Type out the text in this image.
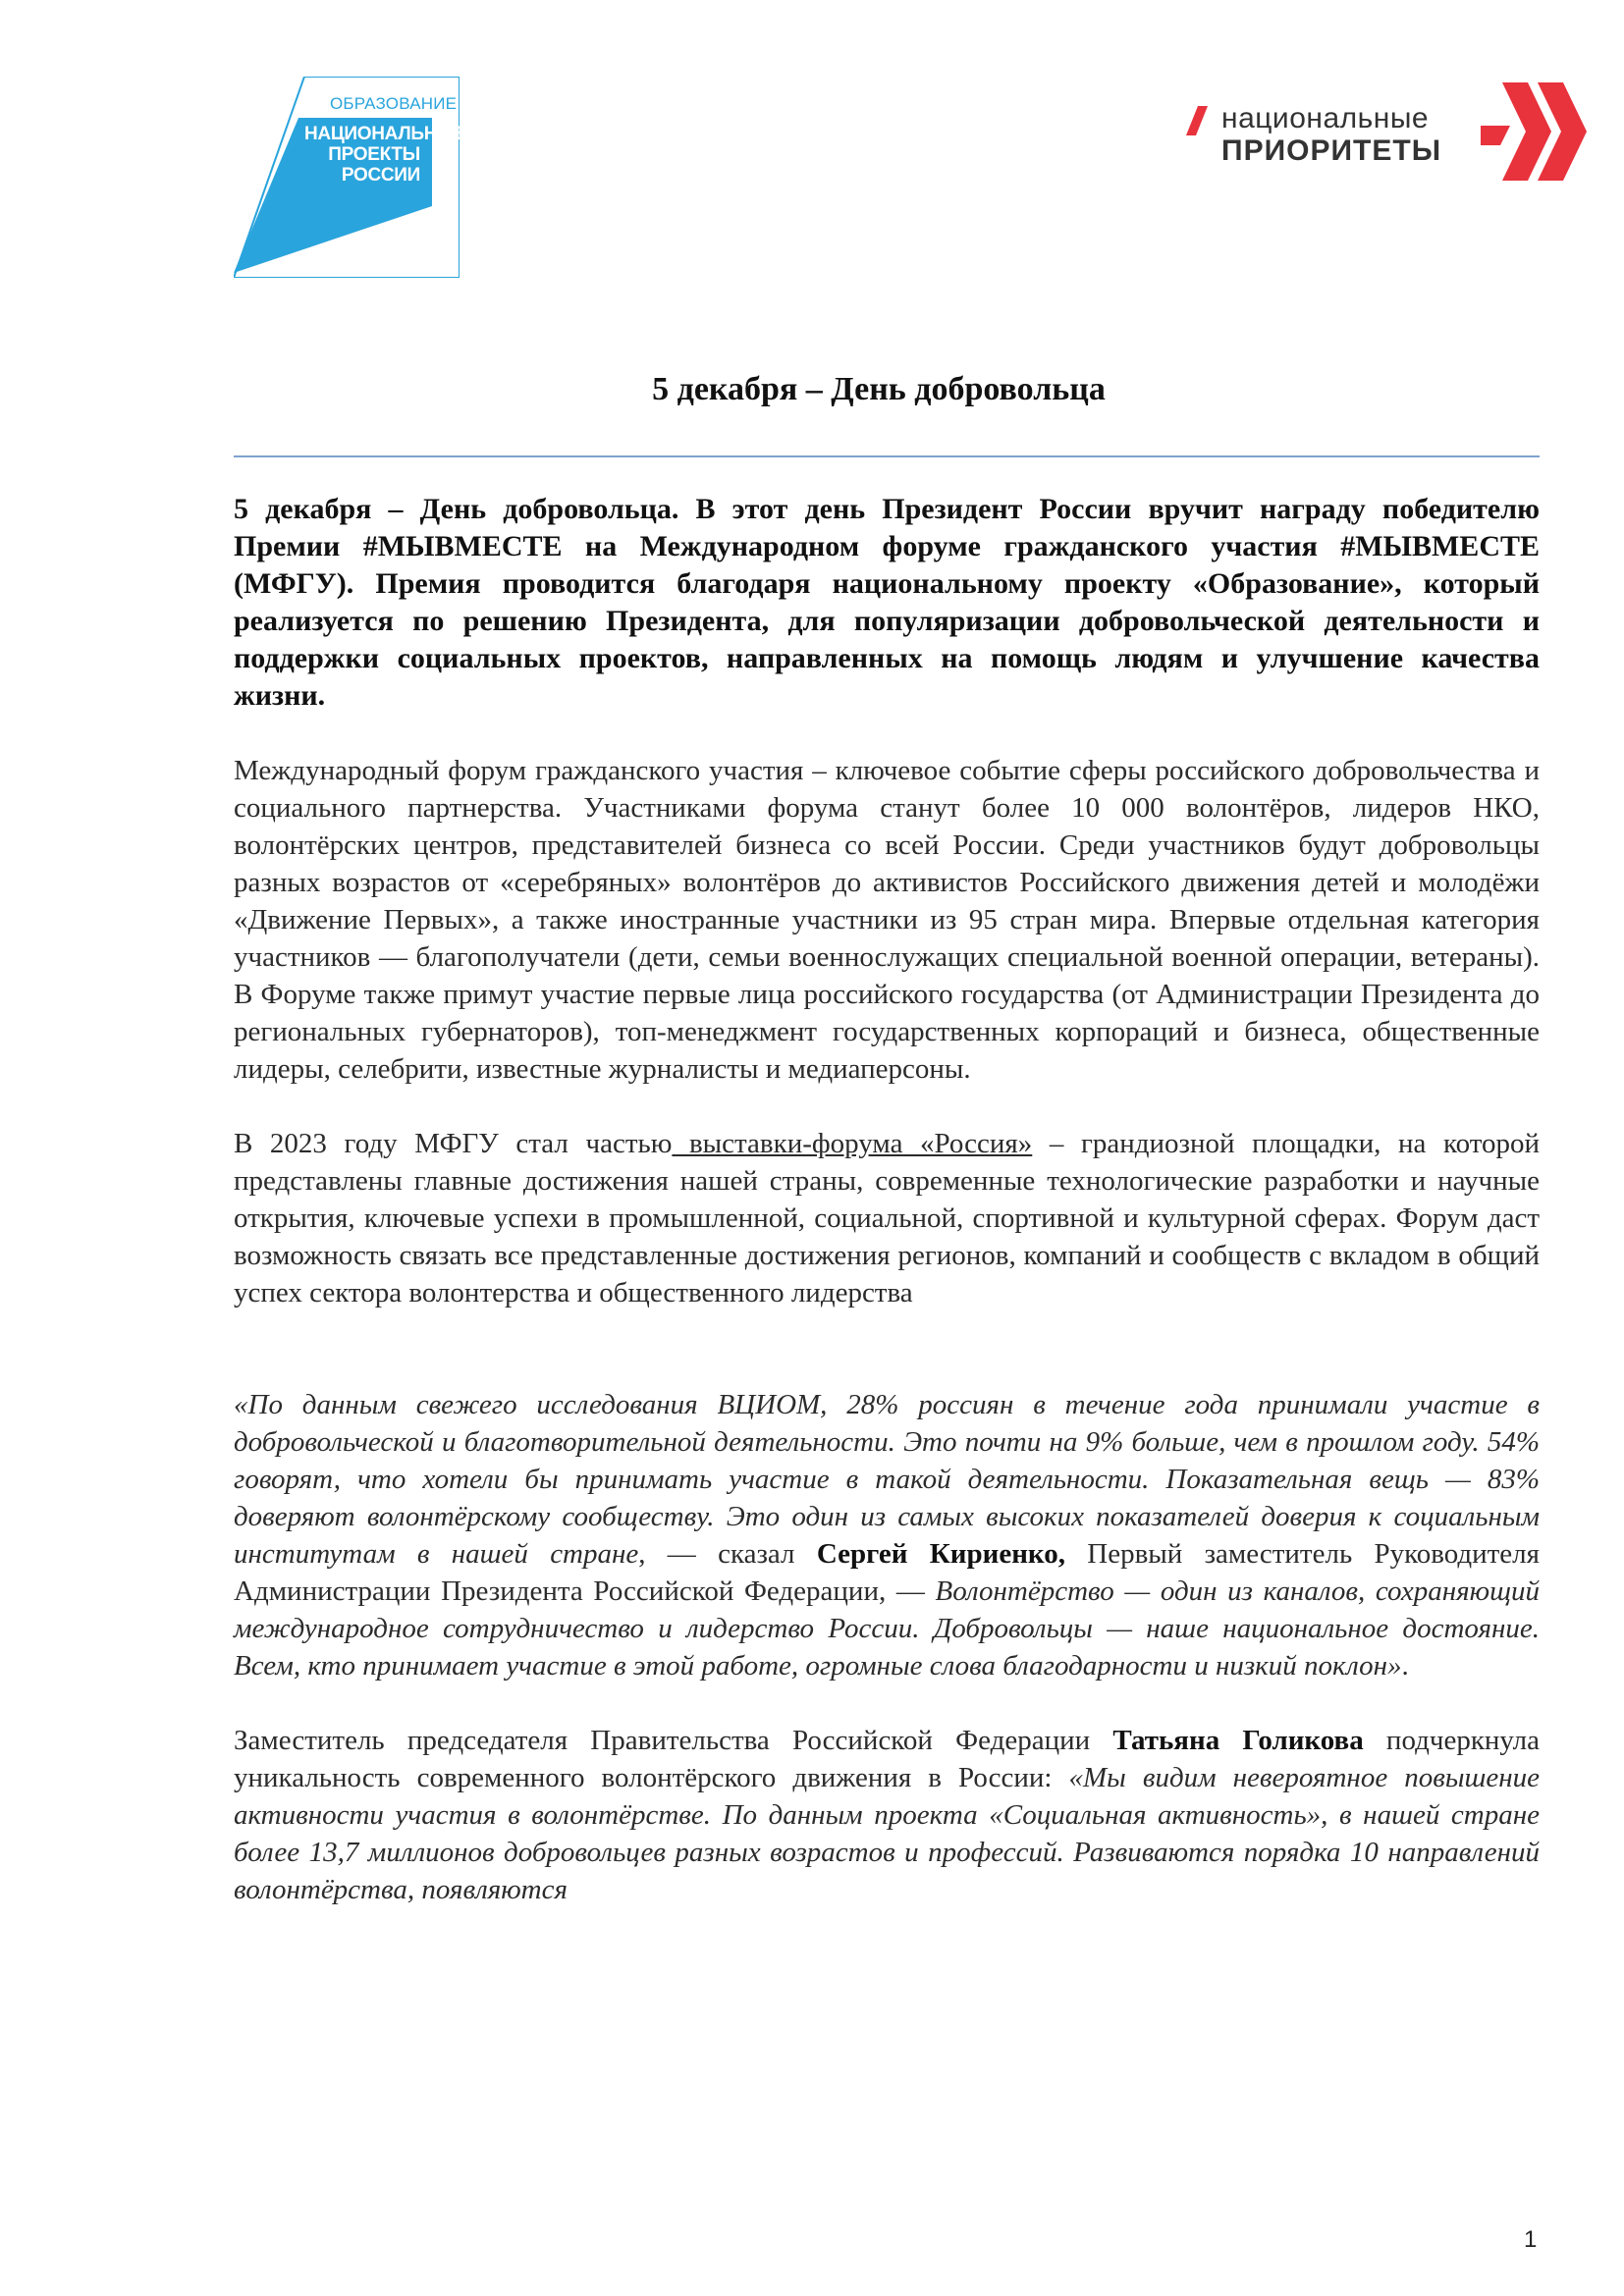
ОБРАЗОВАНИЕ
НАЦИОНАЛЬНЫЕ
ПРОЕКТЫ
РОССИИ
национальные
ПРИОРИТЕТЫ
5 декабря – День добровольца

5 декабря – День добровольца. В этот день Президент России вручит награду победителю Премии #МЫВМЕСТЕ на Международном форуме гражданского участия #МЫВМЕСТЕ (МФГУ). Премия проводится благодаря национальному проекту «Образование», который реализуется по решению Президента, для популяризации добровольческой деятельности и поддержки социальных проектов, направленных на помощь людям и улучшение качества жизни.

Международный форум гражданского участия – ключевое событие сферы российского добровольчества и социального партнерства. Участниками форума станут более 10 000 волонтёров, лидеров НКО, волонтёрских центров, представителей бизнеса со всей России. Среди участников будут добровольцы разных возрастов от «серебряных» волонтёров до активистов Российского движения детей и молодёжи «Движение Первых», а также иностранные участники из 95 стран мира. Впервые отдельная категория участников — благополучатели (дети, семьи военнослужащих специальной военной операции, ветераны). В Форуме также примут участие первые лица российского государства (от Администрации Президента до региональных губернаторов), топ-менеджмент государственных корпораций и бизнеса, общественные лидеры, селебрити, известные журналисты и медиаперсоны.

В 2023 году МФГУ стал частью выставки-форума «Россия» – грандиозной площадки, на которой представлены главные достижения нашей страны, современные технологические разработки и научные открытия, ключевые успехи в промышленной, социальной, спортивной и культурной сферах. Форум даст возможность связать все представленные достижения регионов, компаний и сообществ с вкладом в общий успех сектора волонтерства и общественного лидерства

«По данным свежего исследования ВЦИОМ, 28% россиян в течение года принимали участие в добровольческой и благотворительной деятельности. Это почти на 9% больше, чем в прошлом году. 54% говорят, что хотели бы принимать участие в такой деятельности. Показательная вещь — 83% доверяют волонтёрскому сообществу. Это один из самых высоких показателей доверия к социальным институтам в нашей стране, — сказал Сергей Кириенко, Первый заместитель Руководителя Администрации Президента Российской Федерации, — Волонтёрство — один из каналов, сохраняющий международное сотрудничество и лидерство России. Добровольцы — наше национальное достояние. Всем, кто принимает участие в этой работе, огромные слова благодарности и низкий поклон».

Заместитель председателя Правительства Российской Федерации Татьяна Голикова подчеркнула уникальность современного волонтёрского движения в России: «Мы видим невероятное повышение активности участия в волонтёрстве. По данным проекта «Социальная активность», в нашей стране более 13,7 миллионов добровольцев разных возрастов и профессий. Развиваются порядка 10 направлений волонтёрства, появляются

1
